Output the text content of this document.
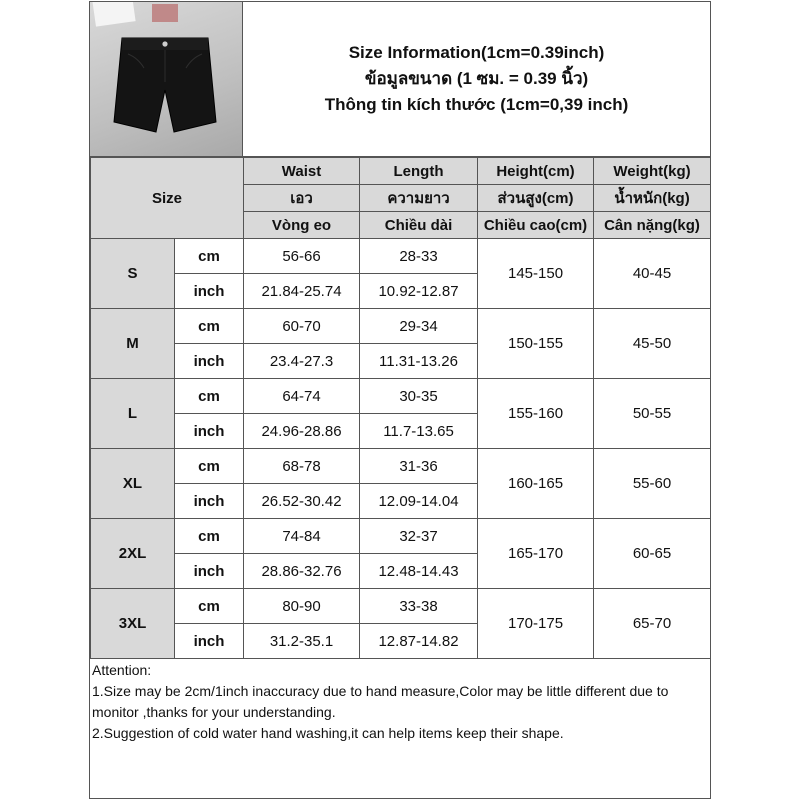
Size Information(1cm=0.39inch)
ข้อมูลขนาด (1 ซม. = 0.39 นิ้ว)
Thông tin kích thước (1cm=0,39 inch)
Size		Waist	Length	Height(cm)	Weight(kg)
		เอว	ความยาว	ส่วนสูง(cm)	น้ำหนัก(kg)
		Vòng eo	Chiều dài	Chiều cao(cm)	Cân nặng(kg)
S	cm	56-66	28-33	145-150	40-45
	inch	21.84-25.74	10.92-12.87		
M	cm	60-70	29-34	150-155	45-50
	inch	23.4-27.3	11.31-13.26		
L	cm	64-74	30-35	155-160	50-55
	inch	24.96-28.86	11.7-13.65		
XL	cm	68-78	31-36	160-165	55-60
	inch	26.52-30.42	12.09-14.04		
2XL	cm	74-84	32-37	165-170	60-65
	inch	28.86-32.76	12.48-14.43		
3XL	cm	80-90	33-38	170-175	65-70
	inch	31.2-35.1	12.87-14.82		
Attention:
1.Size may be 2cm/1inch inaccuracy due to hand measure,Color may be little different due to monitor ,thanks for your understanding.
2.Suggestion of cold water hand washing,it can help items keep their shape.
